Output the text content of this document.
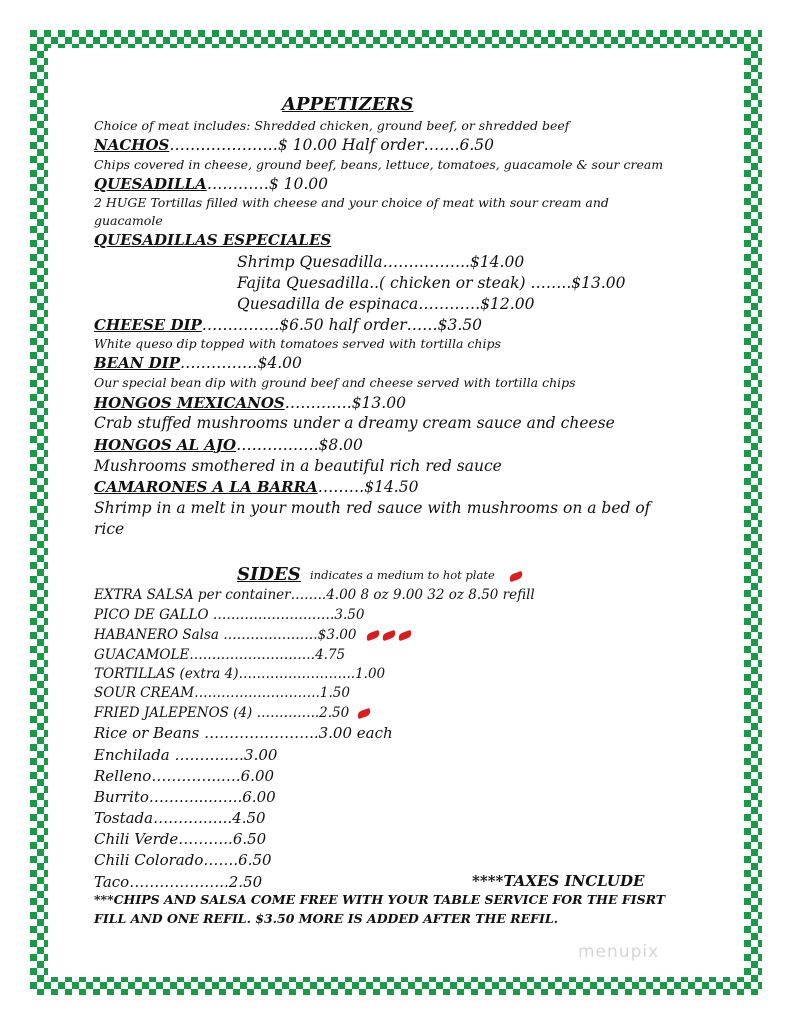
APPETIZERS
Choice of meat includes: Shredded chicken, ground beef, or shredded beef
NACHOS…………………$ 10.00 Half order…….6.50
Chips covered in cheese, ground beef, beans, lettuce, tomatoes, guacamole & sour cream
QUESADILLA…………$ 10.00
2 HUGE Tortillas filled with cheese and your choice of meat with sour cream and
guacamole
QUESADILLAS ESPECIALES
Shrimp Quesadilla……………..$14.00
Fajita Quesadilla..( chicken or steak) ……..$13.00
Quesadilla de espinaca…………$12.00
CHEESE DIP……………$6.50 half order……$3.50
White queso dip topped with tomatoes served with tortilla chips
BEAN DIP……………$4.00
Our special bean dip with ground beef and cheese served with tortilla chips
HONGOS MEXICANOS………….$13.00
Crab stuffed mushrooms under a dreamy cream sauce and cheese
HONGOS AL AJO…………….$8.00
Mushrooms smothered in a beautiful rich red sauce
CAMARONES A LA BARRA………$14.50
Shrimp in a melt in your mouth red sauce with mushrooms on a bed of
rice
SIDES indicates a medium to hot plate
EXTRA SALSA per container……..4.00 8 oz 9.00 32 oz 8.50 refill
PICO DE GALLO ………………………3.50
HABANERO Salsa …………………$3.00
GUACAMOLE……………………….4.75
TORTILLAS (extra 4)……………………..1.00
SOUR CREAM……………………….1.50
FRIED JALEPENOS (4) …………..2.50
Rice or Beans …………………..3.00 each
Enchilada ………..…3.00
Relleno…………..….6.00
Burrito……….....…..6.00
Tostada………..…..4.50
Chili Verde………..6.50
Chili Colorado…….6.50
Taco………………..2.50	****TAXES INCLUDE
***CHIPS AND SALSA COME FREE WITH YOUR TABLE SERVICE FOR THE FISRT
FILL AND ONE REFIL. $3.50 MORE IS ADDED AFTER THE REFIL.
menupix
